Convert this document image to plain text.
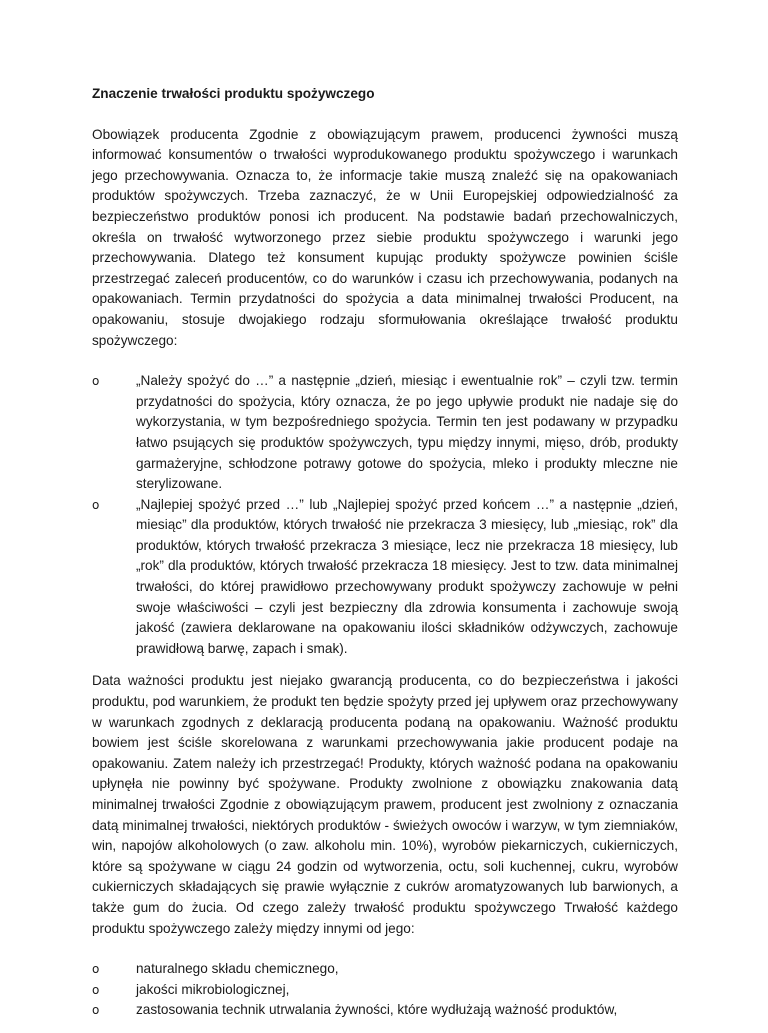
Znaczenie trwałości produktu spożywczego
Obowiązek producenta Zgodnie z obowiązującym prawem, producenci żywności muszą informować konsumentów o trwałości wyprodukowanego produktu spożywczego i warunkach jego przechowywania. Oznacza to, że informacje takie muszą znaleźć się na opakowaniach produktów spożywczych. Trzeba zaznaczyć, że w Unii Europejskiej odpowiedzialność za bezpieczeństwo produktów ponosi ich producent. Na podstawie badań przechowalniczych, określa on trwałość wytworzonego przez siebie produktu spożywczego i warunki jego przechowywania. Dlatego też konsument kupując produkty spożywcze powinien ściśle przestrzegać zaleceń producentów, co do warunków i czasu ich przechowywania, podanych na opakowaniach. Termin przydatności do spożycia a data minimalnej trwałości Producent, na opakowaniu, stosuje dwojakiego rodzaju sformułowania określające trwałość produktu spożywczego:
o	„Należy spożyć do …” a następnie „dzień, miesiąc i ewentualnie rok” – czyli tzw. termin przydatności do spożycia, który oznacza, że po jego upływie produkt nie nadaje się do wykorzystania, w tym bezpośredniego spożycia. Termin ten jest podawany w przypadku łatwo psujących się produktów spożywczych, typu między innymi, mięso, drób, produkty garmażeryjne, schłodzone potrawy gotowe do spożycia, mleko i produkty mleczne nie sterylizowane.
o	„Najlepiej spożyć przed …” lub „Najlepiej spożyć przed końcem …” a następnie „dzień, miesiąc” dla produktów, których trwałość nie przekracza 3 miesięcy, lub „miesiąc, rok” dla produktów, których trwałość przekracza 3 miesiące, lecz nie przekracza 18 miesięcy, lub „rok” dla produktów, których trwałość przekracza 18 miesięcy. Jest to tzw. data minimalnej trwałości, do której prawidłowo przechowywany produkt spożywczy zachowuje w pełni swoje właściwości – czyli jest bezpieczny dla zdrowia konsumenta i zachowuje swoją jakość (zawiera deklarowane na opakowaniu ilości składników odżywczych, zachowuje prawidłową barwę, zapach i smak).
Data ważności produktu jest niejako gwarancją producenta, co do bezpieczeństwa i jakości produktu, pod warunkiem, że produkt ten będzie spożyty przed jej upływem oraz przechowywany w warunkach zgodnych z deklaracją producenta podaną na opakowaniu. Ważność produktu bowiem jest ściśle skorelowana z warunkami przechowywania jakie producent podaje na opakowaniu. Zatem należy ich przestrzegać! Produkty, których ważność podana na opakowaniu upłynęła nie powinny być spożywane. Produkty zwolnione z obowiązku znakowania datą minimalnej trwałości Zgodnie z obowiązującym prawem, producent jest zwolniony z oznaczania datą minimalnej trwałości, niektórych produktów - świeżych owoców i warzyw, w tym ziemniaków, win, napojów alkoholowych (o zaw. alkoholu min. 10%), wyrobów piekarniczych, cukierniczych, które są spożywane w ciągu 24 godzin od wytworzenia, octu, soli kuchennej, cukru, wyrobów cukierniczych składających się prawie wyłącznie z cukrów aromatyzowanych lub barwionych, a także gum do żucia. Od czego zależy trwałość produktu spożywczego Trwałość każdego produktu spożywczego zależy między innymi od jego:
o	naturalnego składu chemicznego,
o	jakości mikrobiologicznej,
o	zastosowania technik utrwalania żywności, które wydłużają ważność produktów,
